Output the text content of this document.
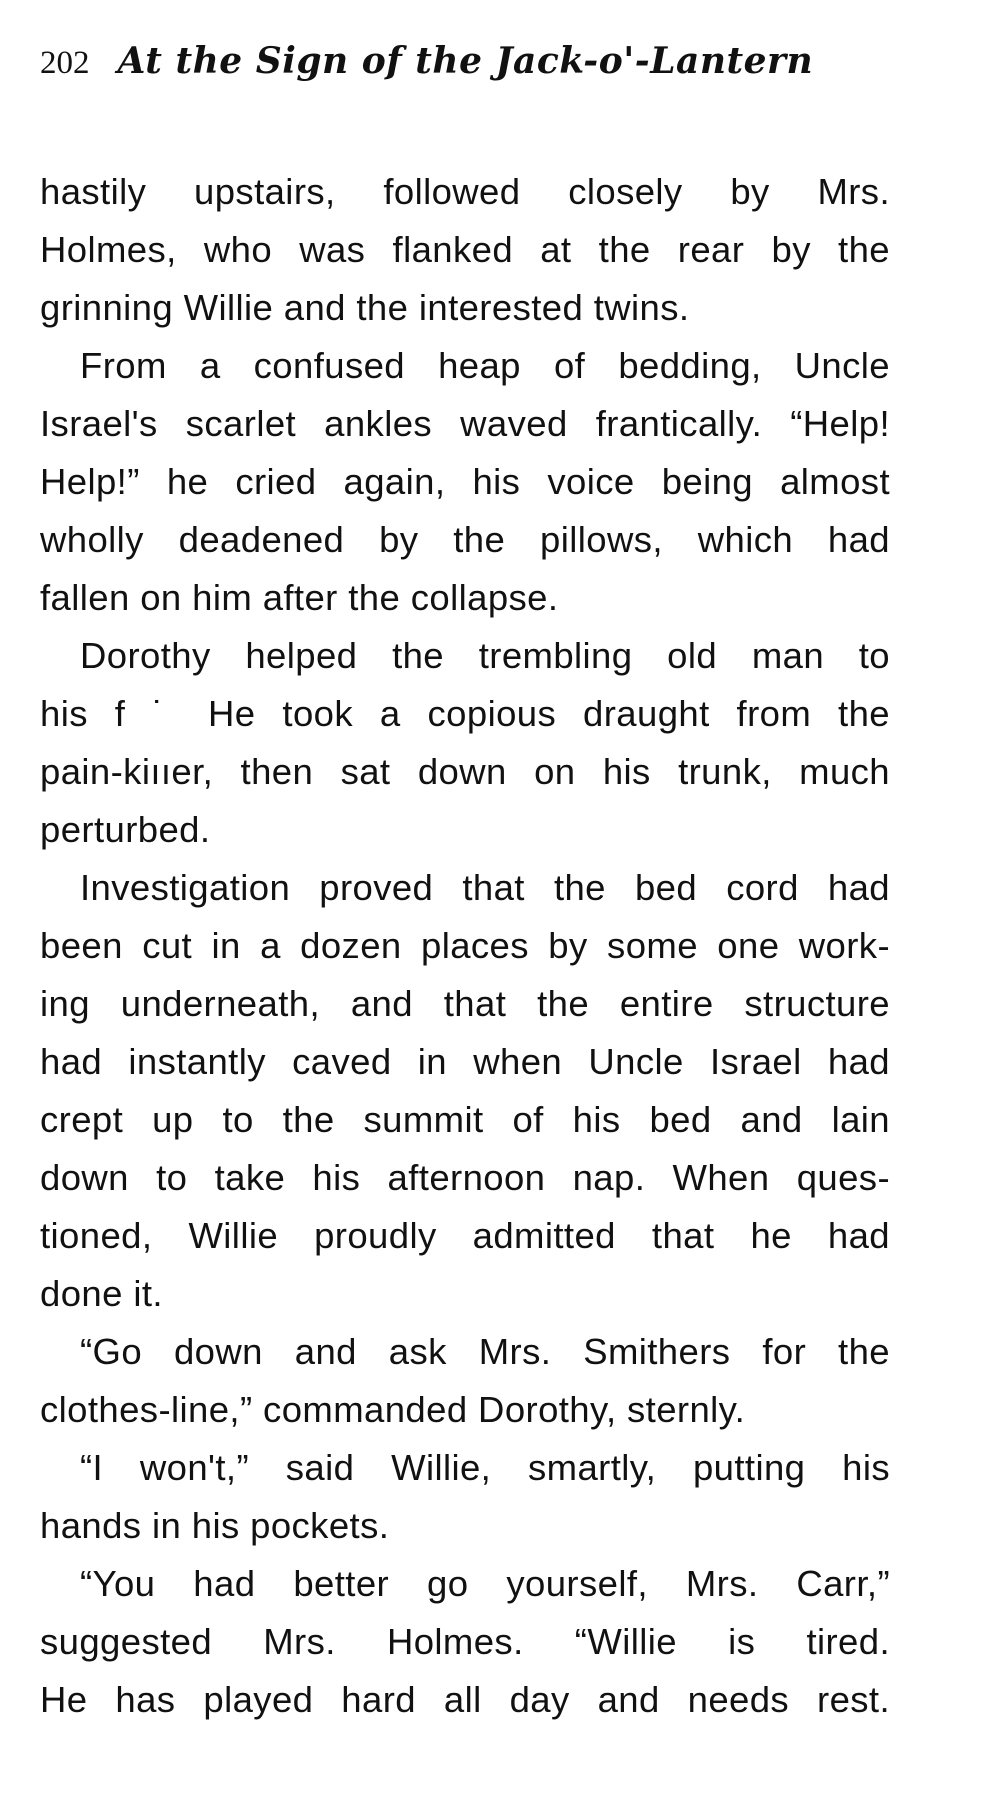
202 At the Sign of the Jack-o'-Lantern
hastily upstairs, followed closely by Mrs.
Holmes, who was flanked at the rear by the
grinning Willie and the interested twins.
From a confused heap of bedding, Uncle
Israel's scarlet ankles waved frantically. “Help!
Help!” he cried again, his voice being almost
wholly deadened by the pillows, which had
fallen on him after the collapse.
Dorothy helped the trembling old man to
his f ˙ He took a copious draught from the
pain-kiııer, then sat down on his trunk, much
perturbed.
Investigation proved that the bed cord had
been cut in a dozen places by some one work-
ing underneath, and that the entire structure
had instantly caved in when Uncle Israel had
crept up to the summit of his bed and lain
down to take his afternoon nap. When ques-
tioned, Willie proudly admitted that he had
done it.
“Go down and ask Mrs. Smithers for the
clothes-line,” commanded Dorothy, sternly.
“I won't,” said Willie, smartly, putting his
hands in his pockets.
“You had better go yourself, Mrs. Carr,”
suggested Mrs. Holmes. “Willie is tired.
He has played hard all day and needs rest.
